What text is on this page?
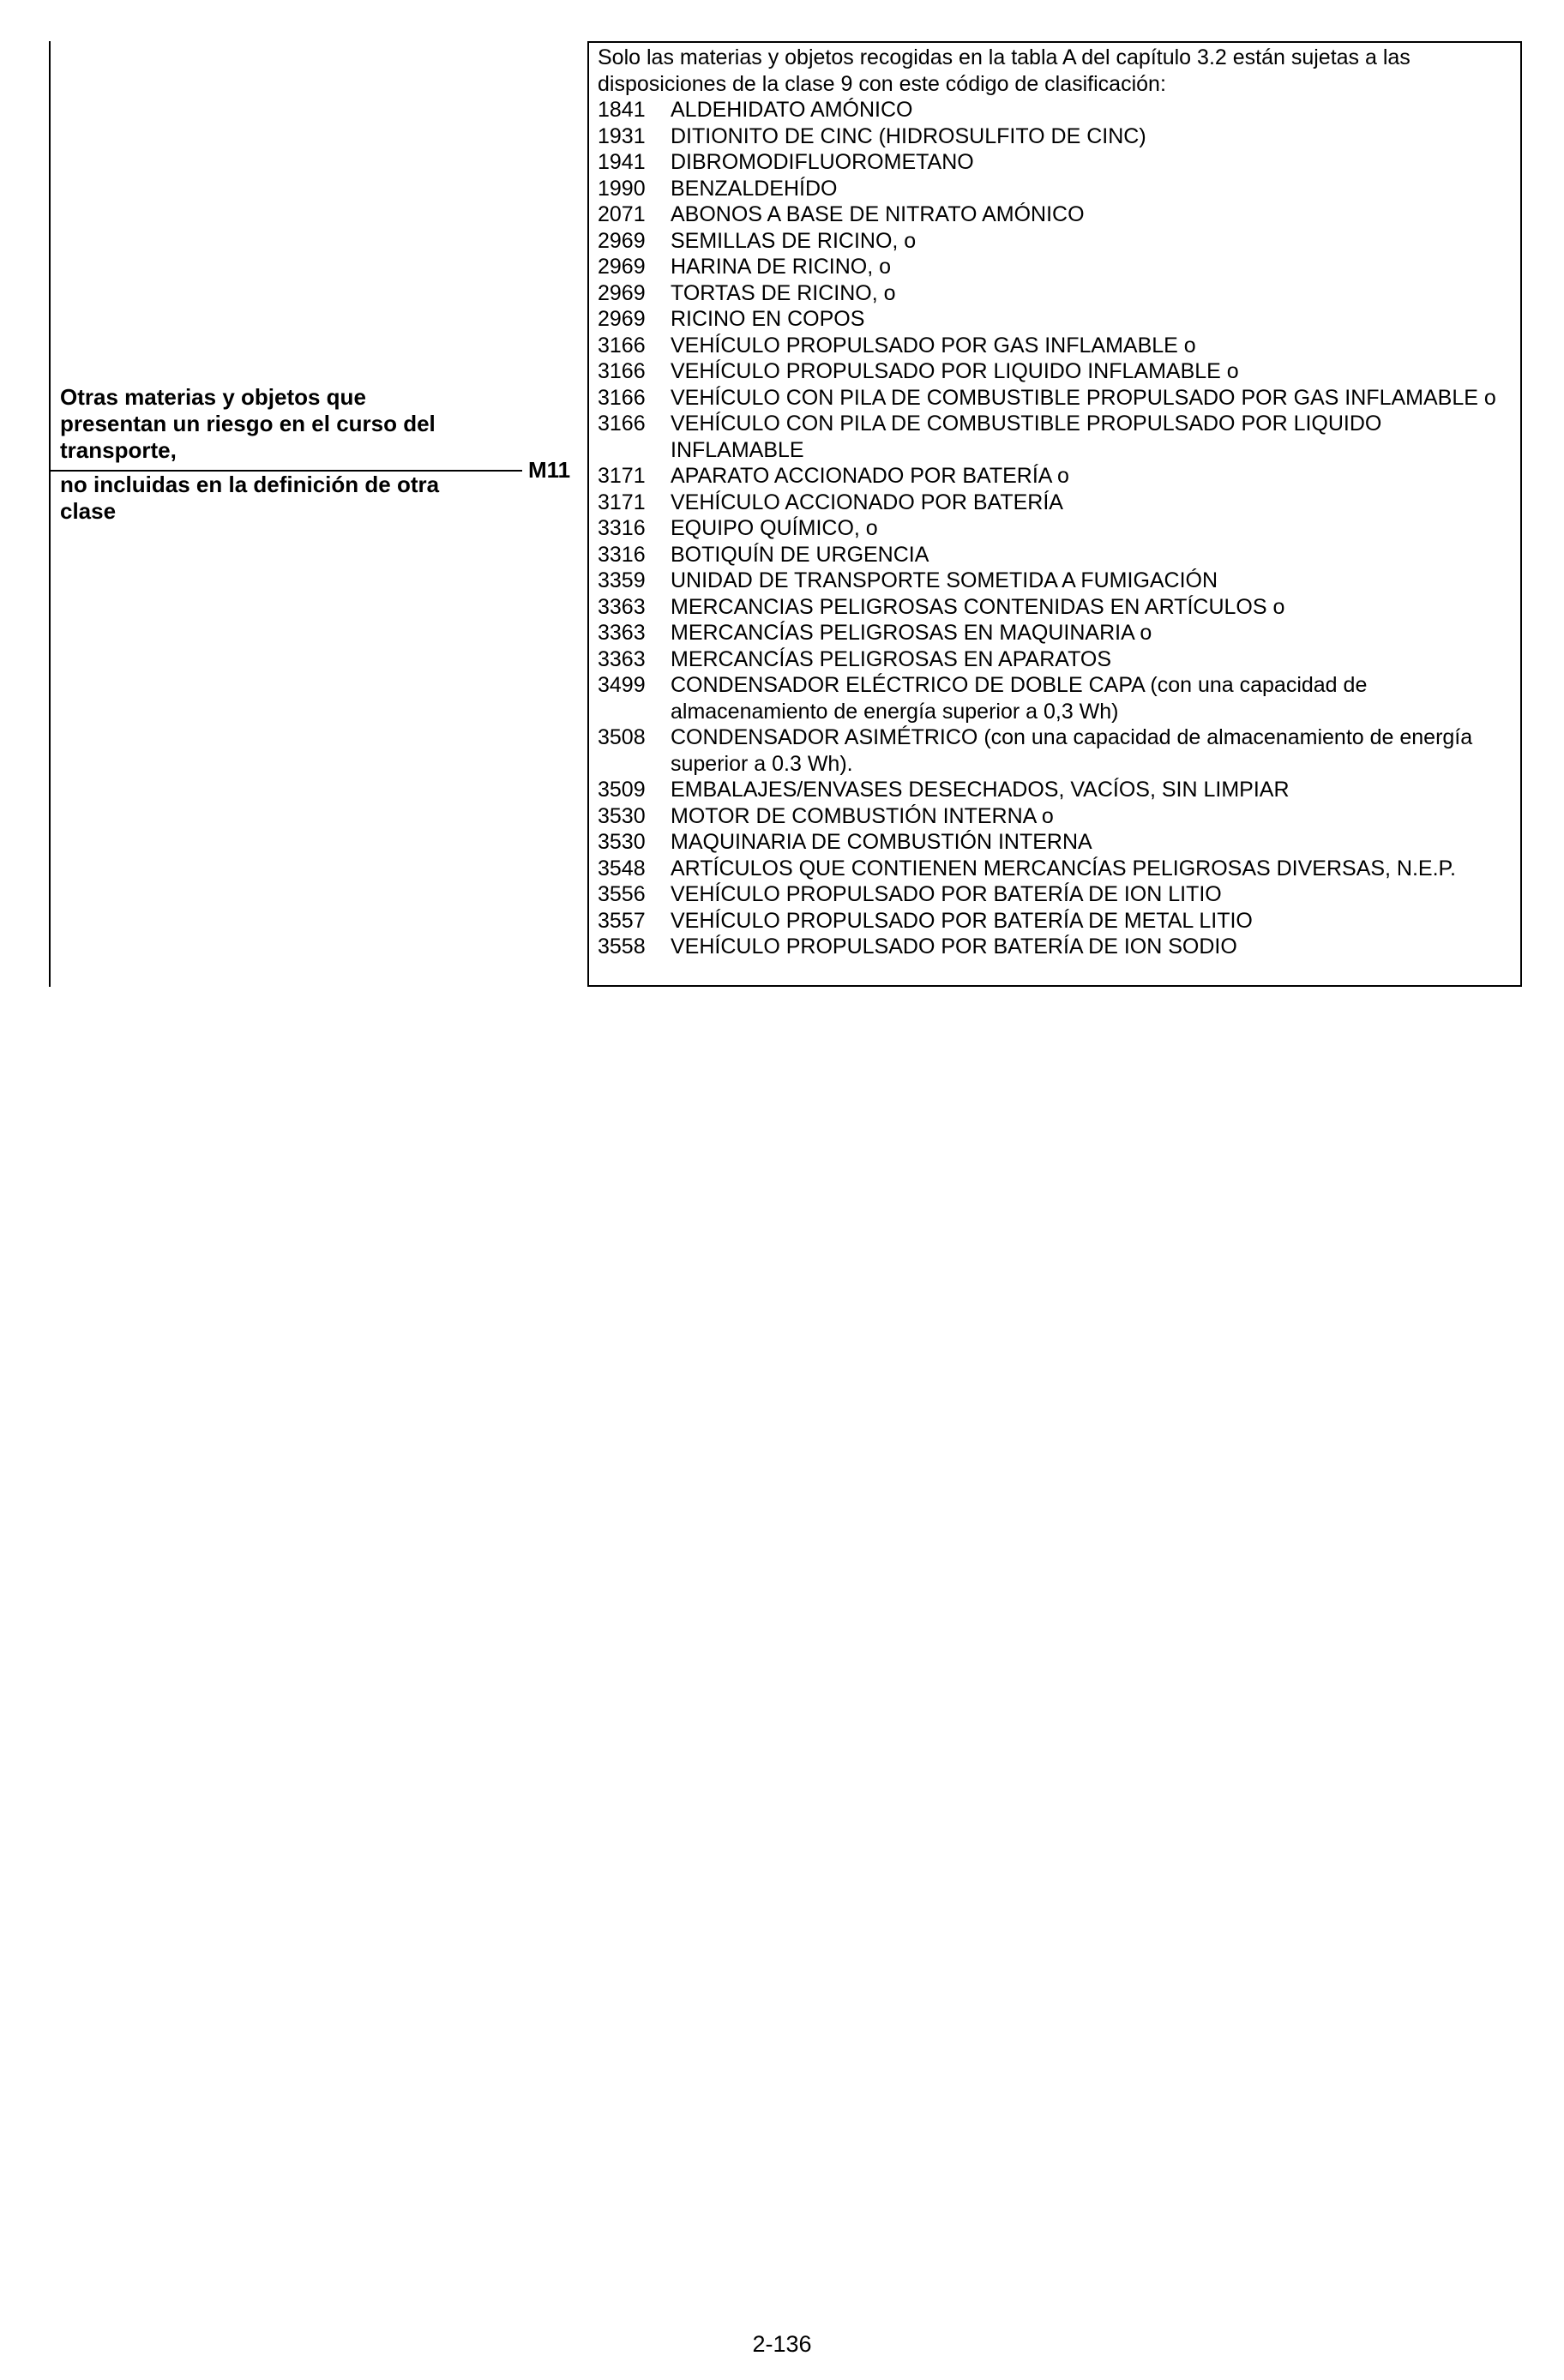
Otras materias y objetos que
presentan un riesgo en el curso del
transporte,
no incluidas en la definición de otra
clase
M11

Solo las materias y objetos recogidas en la tabla A del capítulo 3.2 están sujetas a las disposiciones de la clase 9 con este código de clasificación:

1841	ALDEHIDATO AMÓNICO
1931	DITIONITO DE CINC (HIDROSULFITO DE CINC)
1941	DIBROMODIFLUOROMETANO
1990	BENZALDEHÍDO
2071	ABONOS A BASE DE NITRATO AMÓNICO
2969	SEMILLAS DE RICINO, o
2969	HARINA DE RICINO, o
2969	TORTAS DE RICINO, o
2969	RICINO EN COPOS
3166	VEHÍCULO PROPULSADO POR GAS INFLAMABLE o
3166	VEHÍCULO PROPULSADO POR LIQUIDO INFLAMABLE o
3166	VEHÍCULO CON PILA DE COMBUSTIBLE PROPULSADO POR GAS INFLAMABLE o
3166	VEHÍCULO CON PILA DE COMBUSTIBLE PROPULSADO POR LIQUIDO INFLAMABLE
3171	APARATO ACCIONADO POR BATERÍA o
3171	VEHÍCULO ACCIONADO POR BATERÍA
3316	EQUIPO QUÍMICO, o
3316	BOTIQUÍN DE URGENCIA
3359	UNIDAD DE TRANSPORTE SOMETIDA A FUMIGACIÓN
3363	MERCANCIAS PELIGROSAS CONTENIDAS EN ARTÍCULOS o
3363	MERCANCÍAS PELIGROSAS EN MAQUINARIA o
3363	MERCANCÍAS PELIGROSAS EN APARATOS
3499	CONDENSADOR ELÉCTRICO DE DOBLE CAPA (con una capacidad de almacenamiento de energía superior a 0,3 Wh)
3508	CONDENSADOR ASIMÉTRICO (con una capacidad de almacenamiento de energía superior a 0.3 Wh).
3509	EMBALAJES/ENVASES DESECHADOS, VACÍOS, SIN LIMPIAR
3530	MOTOR DE COMBUSTIÓN INTERNA o
3530	MAQUINARIA DE COMBUSTIÓN INTERNA
3548	ARTÍCULOS QUE CONTIENEN MERCANCÍAS PELIGROSAS DIVERSAS, N.E.P.
3556	VEHÍCULO PROPULSADO POR BATERÍA DE ION LITIO
3557	VEHÍCULO PROPULSADO POR BATERÍA DE METAL LITIO
3558	VEHÍCULO PROPULSADO POR BATERÍA DE ION SODIO
2-136
